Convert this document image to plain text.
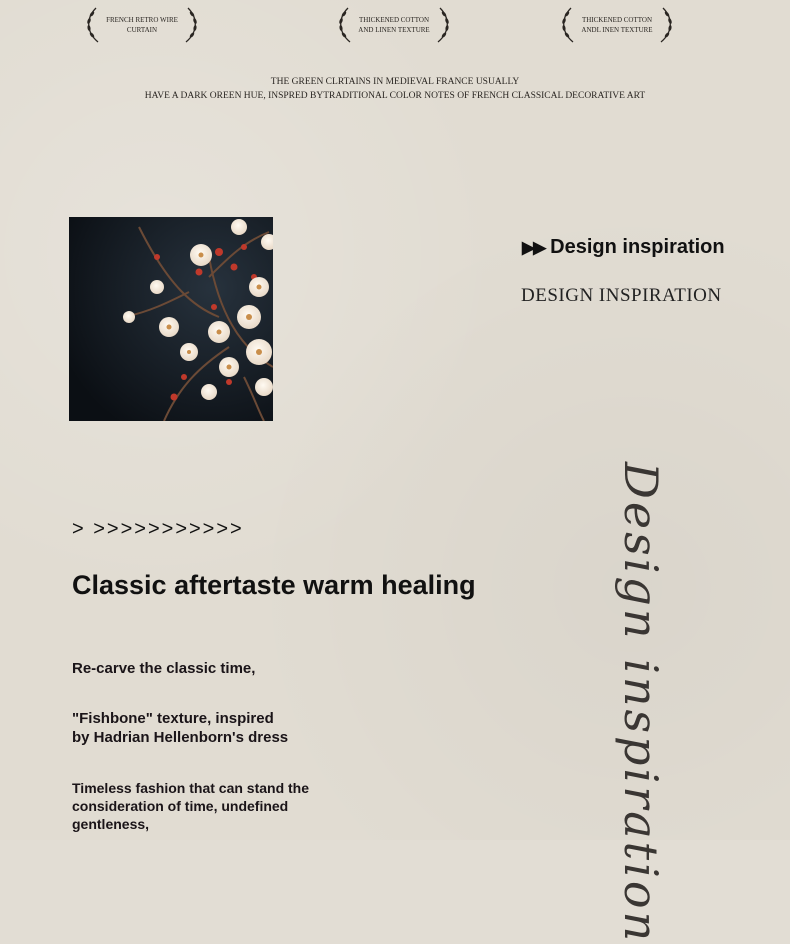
FRENCH RETRO WIRE CURTAIN
THICKENED COTTON AND LINEN TEXTURE
THICKENED COTTON ANDL INEN TEXTURE
THE GREEN CLRTAINS IN MEDIEVAL FRANCE USUALLY
HAVE A DARK OREEN HUE, INSPRED BYTRADITIONAL COLOR NOTES OF FRENCH CLASSICAL DECORATIVE ART
▶▶ Design inspiration
DESIGN INSPIRATION
> >>>>>>>>>>>
Classic aftertaste warm healing
Re-carve the classic time,
"Fishbone" texture, inspired
by Hadrian Hellenborn's dress
Timeless fashion that can stand the
consideration of time, undefined
gentleness,	Design inspiration
